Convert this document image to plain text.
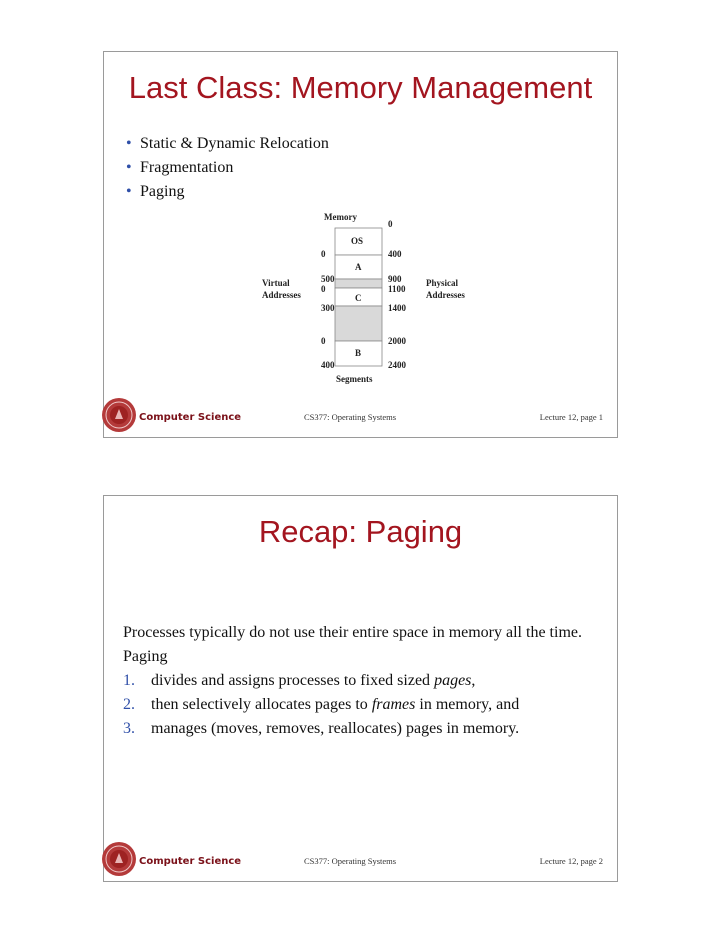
Last Class: Memory Management
• Static & Dynamic Relocation
• Fragmentation
• Paging
Memory
OS
A
C
B
0
400
900
1100
1400
2000
2400
0
500
0
300
0
400
Virtual
Addresses
Physical
Addresses
Segments
Computer Science	CS377: Operating Systems	Lecture 12, page 1
Recap: Paging

Processes typically do not use their entire space in memory all the time.

Paging

1.	divides and assigns processes to fixed sized pages,
2.	then selectively allocates pages to frames in memory, and
3.	manages (moves, removes, reallocates) pages in memory.
Computer Science	CS377: Operating Systems	Lecture 12, page 2
